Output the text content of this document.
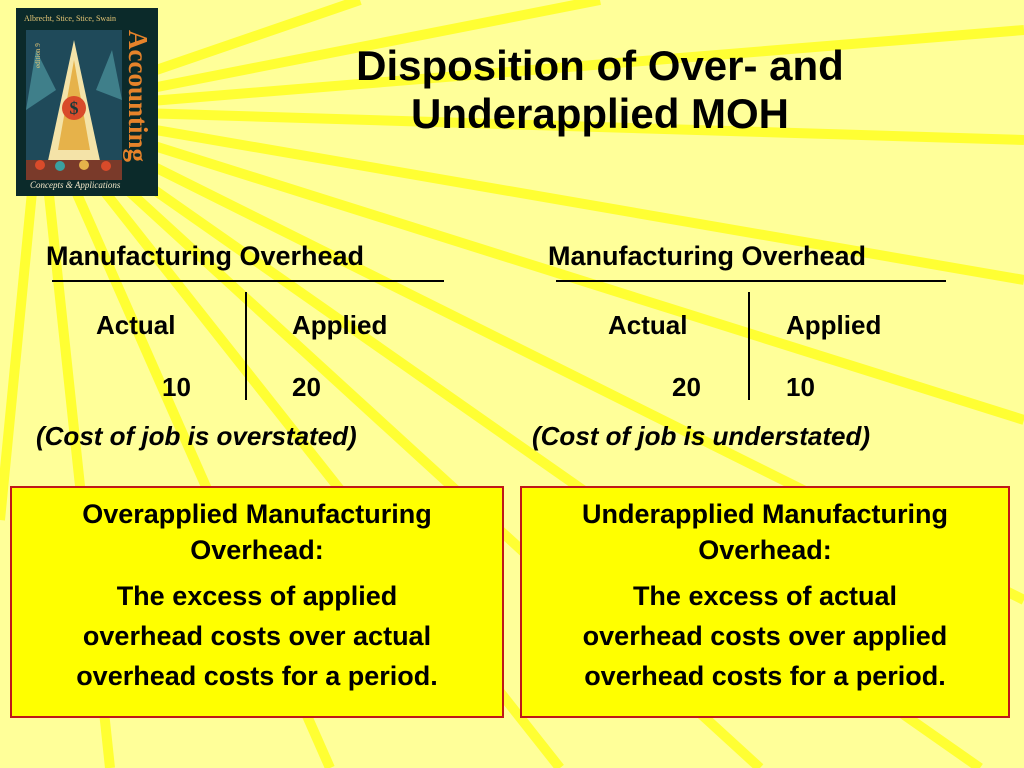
Albrecht, Stice, Stice, Swain
$
edition 9	Accounting
Concepts & Applications
Disposition of Over- and
Underapplied MOH
Manufacturing Overhead
Actual	Applied
10	20
(Cost of job is overstated)
Manufacturing Overhead
Actual	Applied
20	10
(Cost of job is understated)
Overapplied Manufacturing
Overhead:
The excess of applied
overhead costs over actual
overhead costs for a period.
Underapplied Manufacturing
Overhead:
The excess of actual
overhead costs over applied
overhead costs for a period.
